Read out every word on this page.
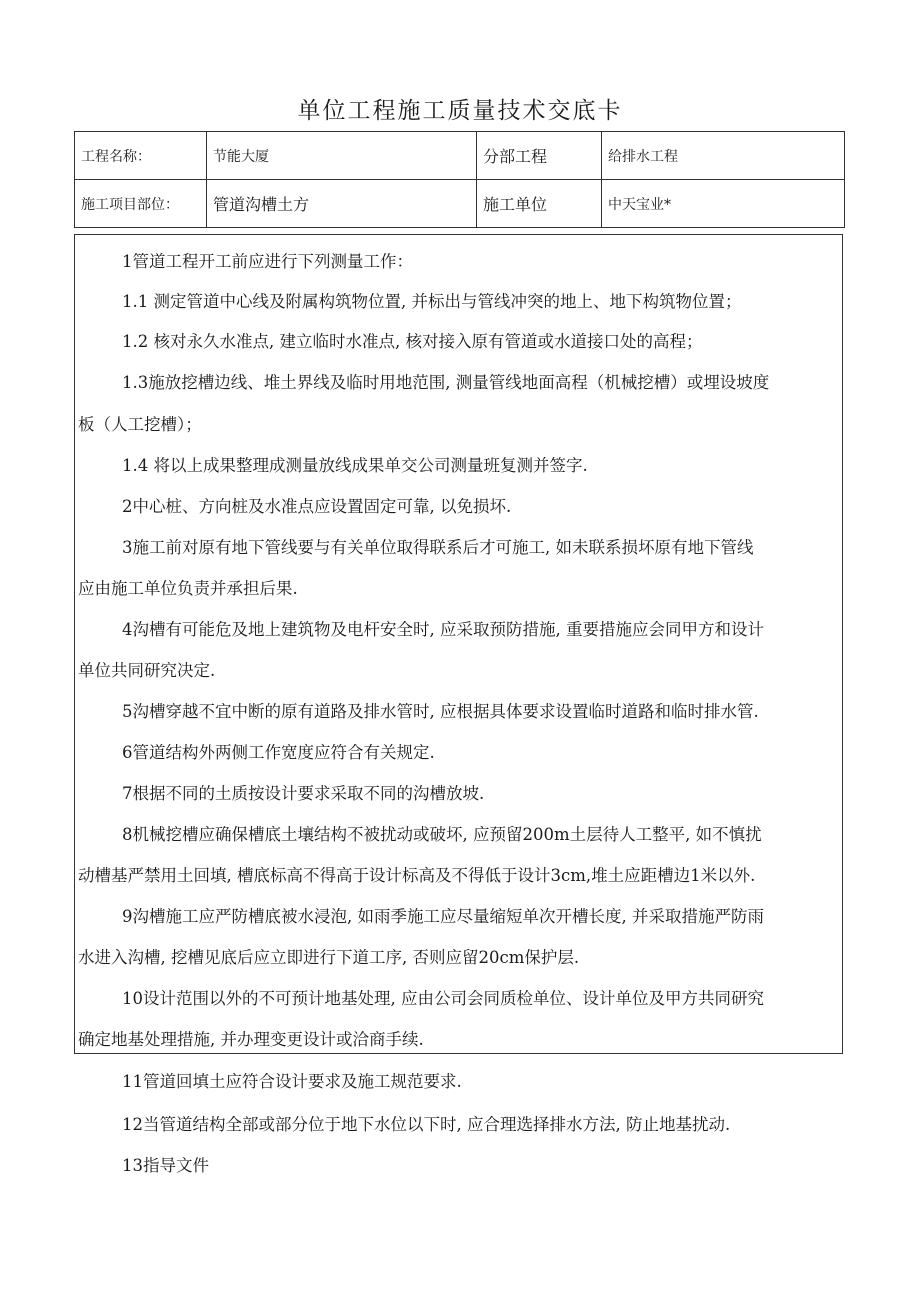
单位工程施工质量技术交底卡
工程名称：	节能大厦	分部工程	给排水工程
施工项目部位：	管道沟槽土方	施工单位	中天宝业*

1管道工程开工前应进行下列测量工作：

1.1 测定管道中心线及附属构筑物位置, 并标出与管线冲突的地上、地下构筑物位置；

1.2 核对永久水准点, 建立临时水准点, 核对接入原有管道或水道接口处的高程；

1.3施放挖槽边线、堆土界线及临时用地范围, 测量管线地面高程（机械挖槽）或埋设坡度

板（人工挖槽）；

1.4 将以上成果整理成测量放线成果单交公司测量班复测并签字.

2中心桩、方向桩及水准点应设置固定可靠, 以免损坏.

3施工前对原有地下管线要与有关单位取得联系后才可施工, 如未联系损坏原有地下管线

应由施工单位负责并承担后果.

4沟槽有可能危及地上建筑物及电杆安全时, 应采取预防措施, 重要措施应会同甲方和设计

单位共同研究决定.

5沟槽穿越不宜中断的原有道路及排水管时, 应根据具体要求设置临时道路和临时排水管.

6管道结构外两侧工作宽度应符合有关规定.

7根据不同的土质按设计要求采取不同的沟槽放坡.

8机械挖槽应确保槽底土壤结构不被扰动或破坏, 应预留200m土层待人工整平, 如不慎扰

动槽基严禁用土回填, 槽底标高不得高于设计标高及不得低于设计3cm,堆土应距槽边1米以外.

9沟槽施工应严防槽底被水浸泡, 如雨季施工应尽量缩短单次开槽长度, 并采取措施严防雨

水进入沟槽, 挖槽见底后应立即进行下道工序, 否则应留20cm保护层.

10设计范围以外的不可预计地基处理, 应由公司会同质检单位、设计单位及甲方共同研究

确定地基处理措施, 并办理变更设计或洽商手续.

11管道回填土应符合设计要求及施工规范要求.

12当管道结构全部或部分位于地下水位以下时, 应合理选择排水方法, 防止地基扰动.

13指导文件
